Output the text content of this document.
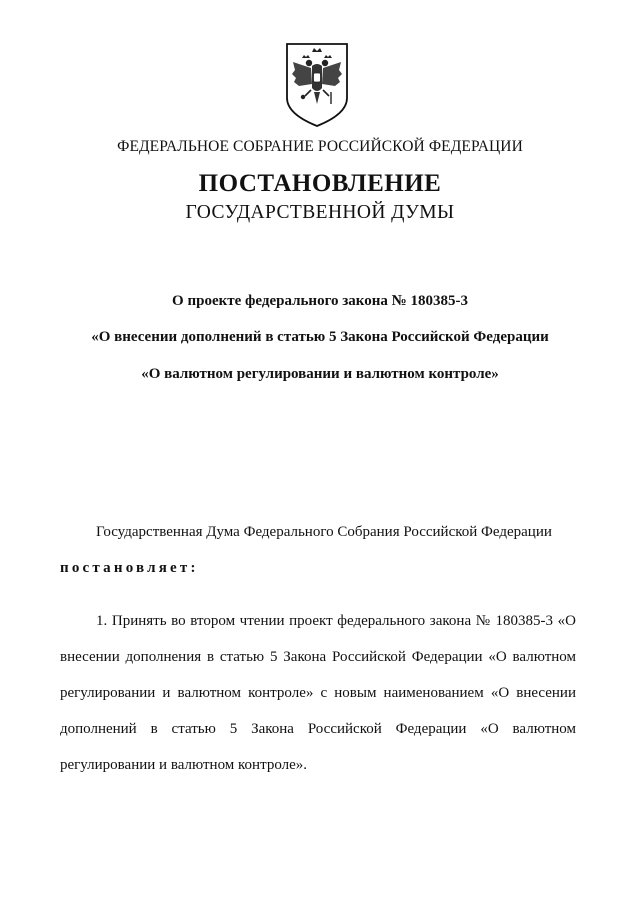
ФЕДЕРАЛЬНОЕ СОБРАНИЕ РОССИЙСКОЙ ФЕДЕРАЦИИ
ПОСТАНОВЛЕНИЕ
ГОСУДАРСТВЕННОЙ ДУМЫ
О проекте федерального закона № 180385-3
«О внесении дополнений в статью 5 Закона Российской Федерации
«О валютном регулировании и валютном контроле»
Государственная Дума Федерального Собрания Российской Федерации
постановляет:
1. Принять во втором чтении проект федерального закона № 180385-3 «О внесении дополнения в статью 5 Закона Российской Федерации «О валютном регулировании и валютном контроле» с новым наименованием «О внесении дополнений в статью 5 Закона Российской Федерации «О валютном регулировании и валютном контроле».
